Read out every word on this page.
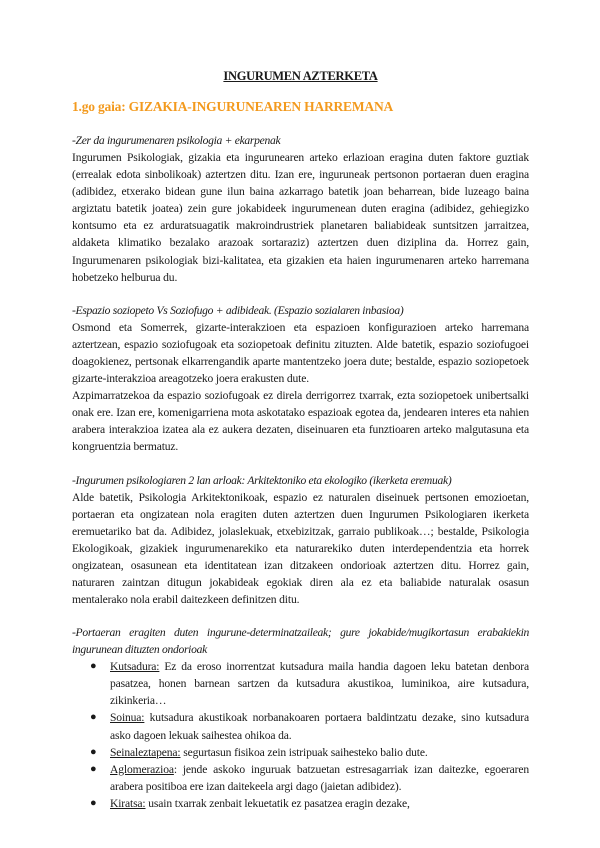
INGURUMEN AZTERKETA
1.go gaia: GIZAKIA-INGURUNEAREN HARREMANA

-Zer da ingurumenaren psikologia + ekarpenak

Ingurumen Psikologiak, gizakia eta ingurunearen arteko erlazioan eragina duten faktore guztiak (errealak edota sinbolikoak) aztertzen ditu. Izan ere, inguruneak pertsonon portaeran duen eragina (adibidez, etxerako bidean gune ilun baina azkarrago batetik joan beharrean, bide luzeago baina argiztatu batetik joatea) zein gure jokabideek ingurumenean duten eragina (adibidez, gehiegizko kontsumo eta ez arduratsuagatik makroindrustriek planetaren baliabideak suntsitzen jarraitzea, aldaketa klimatiko bezalako arazoak sortaraziz) aztertzen duen diziplina da. Horrez gain, Ingurumenaren psikologiak bizi-kalitatea, eta gizakien eta haien ingurumenaren arteko harremana hobetzeko helburua du.

-Espazio soziopeto Vs Soziofugo + adibideak. (Espazio sozialaren inbasioa)

Osmond eta Somerrek, gizarte-interakzioen eta espazioen konfigurazioen arteko harremana aztertzean, espazio soziofugoak eta soziopetoak definitu zituzten. Alde batetik, espazio soziofugoei doagokienez, pertsonak elkarrengandik aparte mantentzeko joera dute; bestalde, espazio soziopetoek gizarte-interakzioa areagotzeko joera erakusten dute.

Azpimarratzekoa da espazio soziofugoak ez direla derrigorrez txarrak, ezta soziopetoek unibertsalki onak ere. Izan ere, komenigarriena mota askotatako espazioak egotea da, jendearen interes eta nahien arabera interakzioa izatea ala ez aukera dezaten, diseinuaren eta funztioaren arteko malgutasuna eta kongruentzia bermatuz.

-Ingurumen psikologiaren 2 lan arloak: Arkitektoniko eta ekologiko (ikerketa eremuak)

Alde batetik, Psikologia Arkitektonikoak, espazio ez naturalen diseinuek pertsonen emozioetan, portaeran eta ongizatean nola eragiten duten aztertzen duen Ingurumen Psikologiaren ikerketa eremuetariko bat da. Adibidez, jolaslekuak, etxebizitzak, garraio publikoak…; bestalde, Psikologia Ekologikoak, gizakiek ingurumenarekiko eta naturarekiko duten interdependentzia eta horrek ongizatean, osasunean eta identitatean izan ditzakeen ondorioak aztertzen ditu. Horrez gain, naturaren zaintzan ditugun jokabideak egokiak diren ala ez eta baliabide naturalak osasun mentalerako nola erabil daitezkeen definitzen ditu.

-Portaeran eragiten duten ingurune-determinatzaileak; gure jokabide/mugikortasun erabakiekin ingurunean dituzten ondorioak

● Kutsadura: Ez da eroso inorrentzat kutsadura maila handia dagoen leku batetan denbora pasatzea, honen barnean sartzen da kutsadura akustikoa, luminikoa, aire kutsadura, zikinkeria…
● Soinua: kutsadura akustikoak norbanakoaren portaera baldintzatu dezake, sino kutsadura asko dagoen lekuak saihestea ohikoa da.
● Seinaleztapena: segurtasun fisikoa zein istripuak saihesteko balio dute.
● Aglomerazioa: jende askoko inguruak batzuetan estresagarriak izan daitezke, egoeraren arabera positiboa ere izan daitekeela argi dago (jaietan adibidez).
● Kiratsa: usain txarrak zenbait lekuetatik ez pasatzea eragin dezake,
